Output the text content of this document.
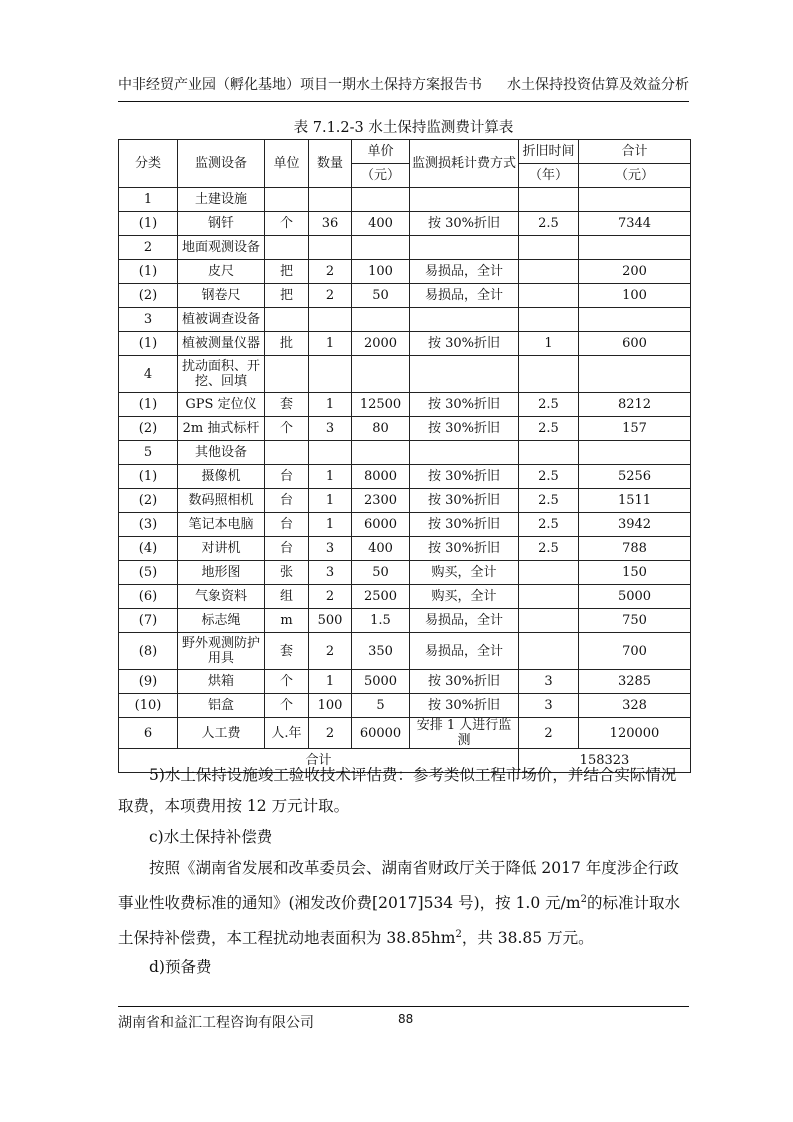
中非经贸产业园（孵化基地）项目一期水土保持方案报告书 水土保持投资估算及效益分析
表 7.1.2-3 水土保持监测费计算表
分类	监测设备	单位	数量	单价	监测损耗计费方式	折旧时间	合计
				（元）		（年）	（元）
1	土建设施						
(1)	钢钎	个	36	400	按 30%折旧	2.5	7344
2	地面观测设备						
(1)	皮尺	把	2	100	易损品，全计		200
(2)	钢卷尺	把	2	50	易损品，全计		100
3	植被调查设备						
(1)	植被测量仪器	批	1	2000	按 30%折旧	1	600
4	扰动面积、开挖、回填						
(1)	GPS 定位仪	套	1	12500	按 30%折旧	2.5	8212
(2)	2m 抽式标杆	个	3	80	按 30%折旧	2.5	157
5	其他设备						
(1)	摄像机	台	1	8000	按 30%折旧	2.5	5256
(2)	数码照相机	台	1	2300	按 30%折旧	2.5	1511
(3)	笔记本电脑	台	1	6000	按 30%折旧	2.5	3942
(4)	对讲机	台	3	400	按 30%折旧	2.5	788
(5)	地形图	张	3	50	购买，全计		150
(6)	气象资料	组	2	2500	购买，全计		5000
(7)	标志绳	m	500	1.5	易损品，全计		750
(8)	野外观测防护用具	套	2	350	易损品，全计		700
(9)	烘箱	个	1	5000	按 30%折旧	3	3285
(10)	铝盒	个	100	5	按 30%折旧	3	328
6	人工费	人.年	2	60000	安排 1 人进行监测	2	120000
合计						158323	
5)水土保持设施竣工验收技术评估费：参考类似工程市场价，并结合实际情况取费，本项费用按 12 万元计取。
c)水土保持补偿费
按照《湖南省发展和改革委员会、湖南省财政厅关于降低 2017 年度涉企行政事业性收费标准的通知》(湘发改价费[2017]534 号)，按 1.0 元$/m^2$的标准计取水土保持补偿费，本工程扰动地表面积为 $38.85hm^2$，共 38.85 万元。
d)预备费
湖南省和益汇工程咨询有限公司	88
